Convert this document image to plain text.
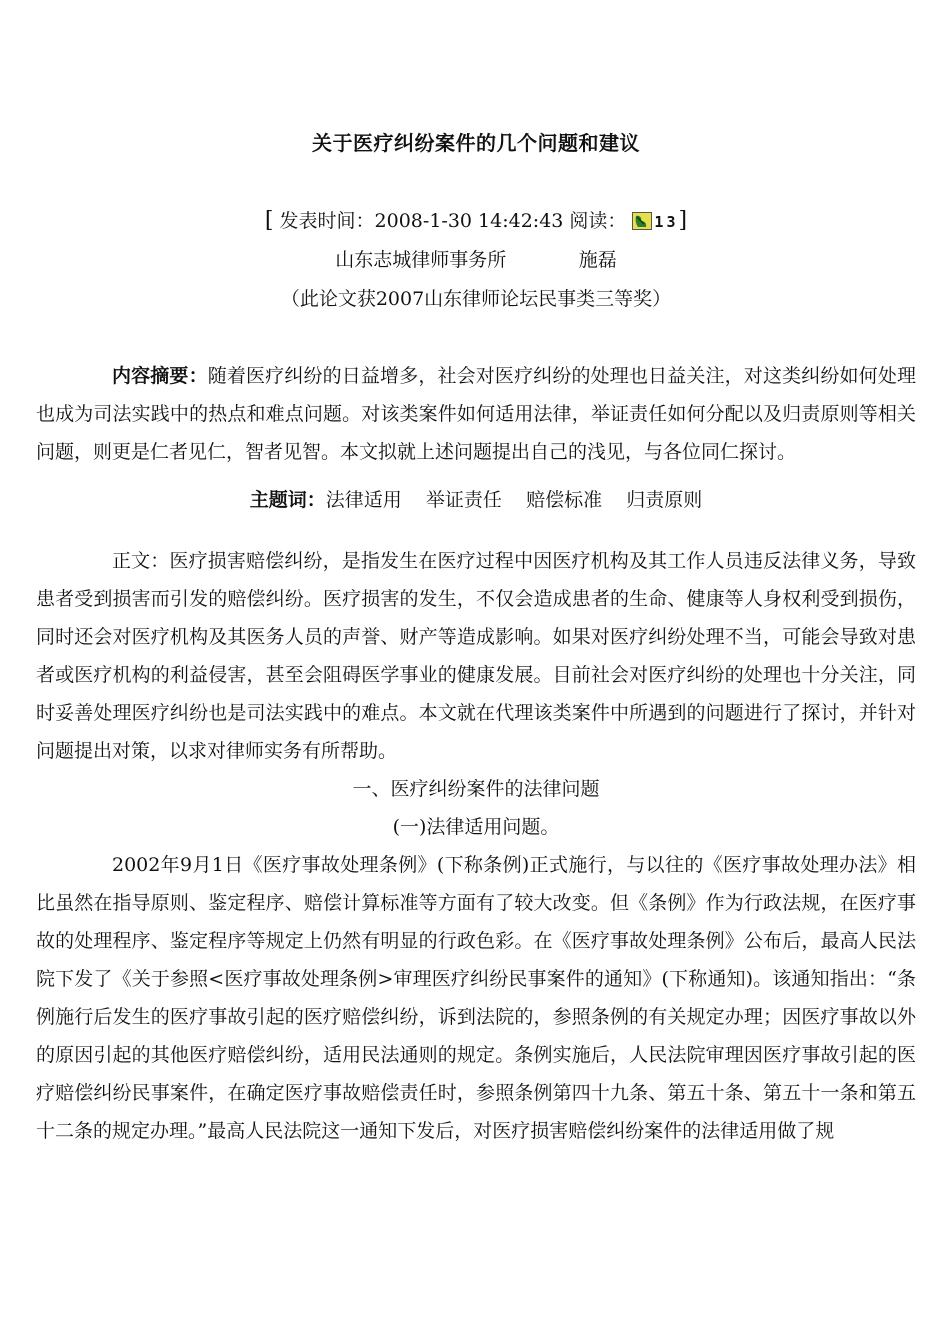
关于医疗纠纷案件的几个问题和建议
[ 发表时间：2008-1-30 14:42:43 阅读： 13]
山东志城律师事务所            施磊
（此论文获2007山东律师论坛民事类三等奖）

内容摘要：随着医疗纠纷的日益增多，社会对医疗纠纷的处理也日益关注，对这类纠纷如何处理也成为司法实践中的热点和难点问题。对该类案件如何适用法律，举证责任如何分配以及归责原则等相关问题，则更是仁者见仁，智者见智。本文拟就上述问题提出自己的浅见，与各位同仁探讨。

主题词：法律适用    举证责任    赔偿标准    归责原则

正文：医疗损害赔偿纠纷，是指发生在医疗过程中因医疗机构及其工作人员违反法律义务，导致患者受到损害而引发的赔偿纠纷。医疗损害的发生，不仅会造成患者的生命、健康等人身权利受到损伤，同时还会对医疗机构及其医务人员的声誉、财产等造成影响。如果对医疗纠纷处理不当，可能会导致对患者或医疗机构的利益侵害，甚至会阻碍医学事业的健康发展。目前社会对医疗纠纷的处理也十分关注，同时妥善处理医疗纠纷也是司法实践中的难点。本文就在代理该类案件中所遇到的问题进行了探讨，并针对问题提出对策，以求对律师实务有所帮助。

一、医疗纠纷案件的法律问题

(一)法律适用问题。

2002年9月1日《医疗事故处理条例》(下称条例)正式施行，与以往的《医疗事故处理办法》相比虽然在指导原则、鉴定程序、赔偿计算标准等方面有了较大改变。但《条例》作为行政法规，在医疗事故的处理程序、鉴定程序等规定上仍然有明显的行政色彩。在《医疗事故处理条例》公布后，最高人民法院下发了《关于参照<医疗事故处理条例>审理医疗纠纷民事案件的通知》(下称通知)。该通知指出：“条例施行后发生的医疗事故引起的医疗赔偿纠纷，诉到法院的，参照条例的有关规定办理；因医疗事故以外的原因引起的其他医疗赔偿纠纷，适用民法通则的规定。条例实施后，人民法院审理因医疗事故引起的医疗赔偿纠纷民事案件，在确定医疗事故赔偿责任时，参照条例第四十九条、第五十条、第五十一条和第五十二条的规定办理。”最高人民法院这一通知下发后，对医疗损害赔偿纠纷案件的法律适用做了规
